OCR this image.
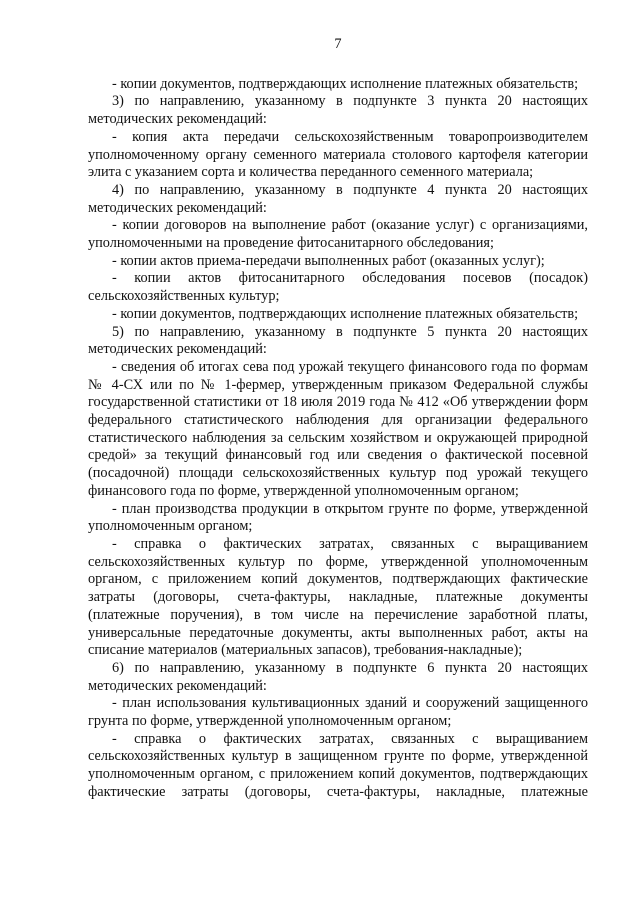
7

- копии документов, подтверждающих исполнение платежных обязательств;

3) по направлению, указанному в подпункте 3 пункта 20 настоящих методических рекомендаций:

- копия акта передачи сельскохозяйственным товаропроизводителем уполномоченному органу семенного материала столового картофеля категории элита с указанием сорта и количества переданного семенного материала;

4) по направлению, указанному в подпункте 4 пункта 20 настоящих методических рекомендаций:

- копии договоров на выполнение работ (оказание услуг) с организациями, уполномоченными на проведение фитосанитарного обследования;

- копии актов приема-передачи выполненных работ (оказанных услуг);

- копии актов фитосанитарного обследования посевов (посадок) сельскохозяйственных культур;

- копии документов, подтверждающих исполнение платежных обязательств;

5) по направлению, указанному в подпункте 5 пункта 20 настоящих методических рекомендаций:

- сведения об итогах сева под урожай текущего финансового года по формам № 4-СХ или по № 1-фермер, утвержденным приказом Федеральной службы государственной статистики от 18 июля 2019 года № 412 «Об утверждении форм федерального статистического наблюдения для организации федерального статистического наблюдения за сельским хозяйством и окружающей природной средой» за текущий финансовый год или сведения о фактической посевной (посадочной) площади сельскохозяйственных культур под урожай текущего финансового года по форме, утвержденной уполномоченным органом;

- план производства продукции в открытом грунте по форме, утвержденной уполномоченным органом;

- справка о фактических затратах, связанных с выращиванием сельскохозяйственных культур по форме, утвержденной уполномоченным органом, с приложением копий документов, подтверждающих фактические затраты (договоры, счета-фактуры, накладные, платежные документы (платежные поручения), в том числе на перечисление заработной платы, универсальные передаточные документы, акты выполненных работ, акты на списание материалов (материальных запасов), требования-накладные);

6) по направлению, указанному в подпункте 6 пункта 20 настоящих методических рекомендаций:

- план использования культивационных зданий и сооружений защищенного грунта по форме, утвержденной уполномоченным органом;

- справка о фактических затратах, связанных с выращиванием сельскохозяйственных культур в защищенном грунте по форме, утвержденной уполномоченным органом, с приложением копий документов, подтверждающих фактические затраты (договоры, счета-фактуры, накладные, платежные
